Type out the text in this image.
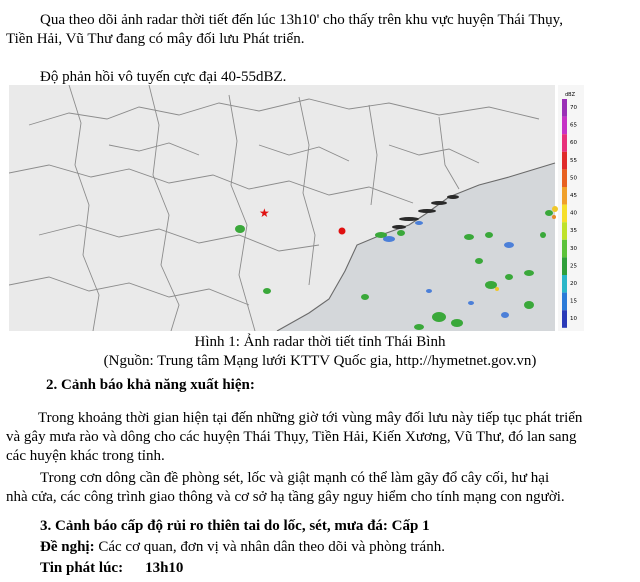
Qua theo dõi ảnh radar thời tiết đến lúc 13h10' cho thấy trên khu vực huyện Thái Thụy,
Tiền Hải, Vũ Thư đang có mây đối lưu Phát triển.
Độ phản hồi vô tuyến cực đại 40-55dBZ.
★
dBZ
70
65
60
55
50
45
40
35
30
25
20
15
10
Hình 1: Ảnh radar thời tiết tỉnh Thái Bình
(Nguồn: Trung tâm Mạng lưới KTTV Quốc gia, http://hymetnet.gov.vn)
2. Cảnh báo khả năng xuất hiện:
Trong khoảng thời gian hiện tại đến những giờ tới vùng mây đối lưu này tiếp tục phát triển
và gây mưa rào và dông cho các huyện Thái Thụy, Tiền Hải, Kiến Xương, Vũ Thư, đó lan sang
các huyện khác trong tỉnh.
Trong cơn dông cần đề phòng sét, lốc và giật mạnh có thể làm gãy đổ cây cối, hư hại
nhà cửa, các công trình giao thông và cơ sở hạ tầng gây nguy hiểm cho tính mạng con người.
3. Cảnh báo cấp độ rủi ro thiên tai do lốc, sét, mưa đá: Cấp 1
Đề nghị: Các cơ quan, đơn vị và nhân dân theo dõi và phòng tránh.
Tin phát lúc: 13h10
